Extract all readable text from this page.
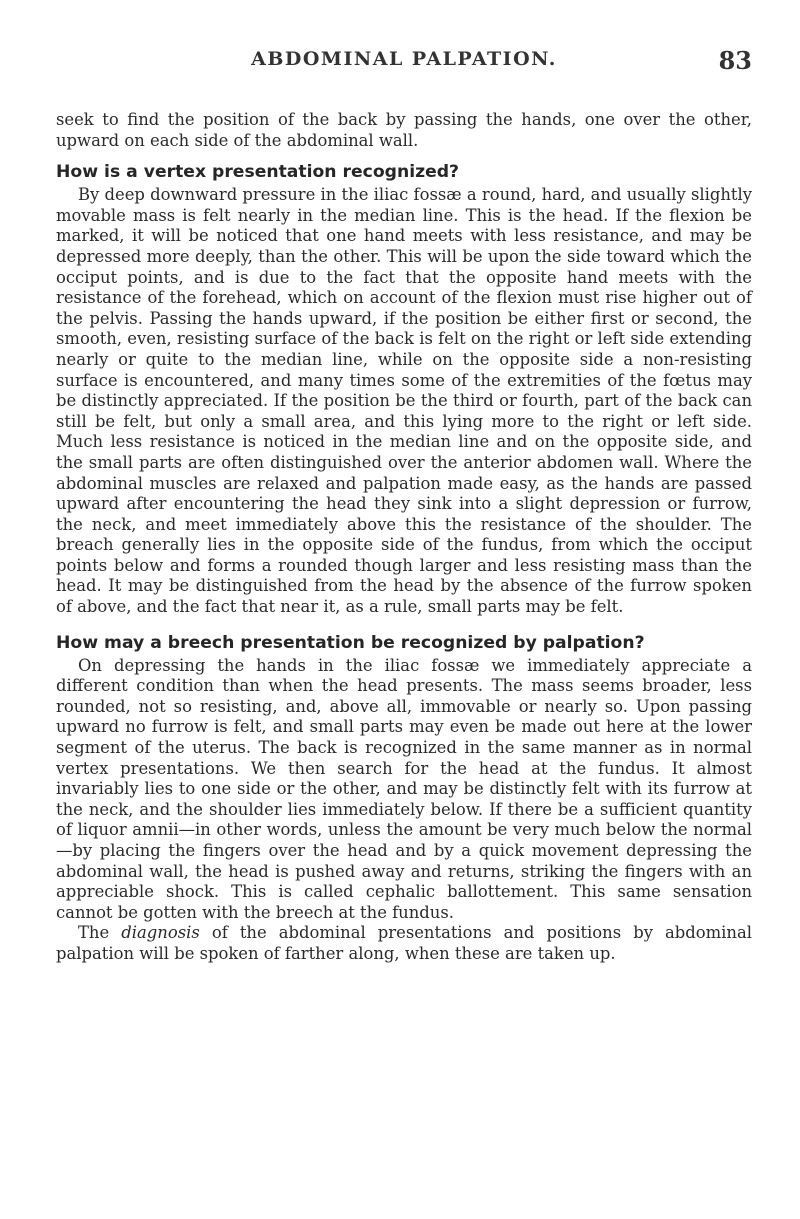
ABDOMINAL PALPATION.	83

seek to find the position of the back by passing the hands, one over the other, upward on each side of the abdominal wall.

How is a vertex presentation recognized?

By deep downward pressure in the iliac fossæ a round, hard, and usually slightly movable mass is felt nearly in the median line. This is the head. If the flexion be marked, it will be noticed that one hand meets with less resistance, and may be depressed more deeply, than the other. This will be upon the side toward which the occiput points, and is due to the fact that the opposite hand meets with the resistance of the forehead, which on account of the flexion must rise higher out of the pelvis. Passing the hands upward, if the position be either first or second, the smooth, even, resisting surface of the back is felt on the right or left side extending nearly or quite to the median line, while on the opposite side a non-resisting surface is encountered, and many times some of the extremities of the fœtus may be distinctly appreciated. If the position be the third or fourth, part of the back can still be felt, but only a small area, and this lying more to the right or left side. Much less resistance is noticed in the median line and on the opposite side, and the small parts are often distinguished over the anterior abdomen wall. Where the abdominal muscles are relaxed and palpation made easy, as the hands are passed upward after encountering the head they sink into a slight depression or furrow, the neck, and meet immediately above this the resistance of the shoulder. The breach generally lies in the opposite side of the fundus, from which the occiput points below and forms a rounded though larger and less resisting mass than the head. It may be distinguished from the head by the absence of the furrow spoken of above, and the fact that near it, as a rule, small parts may be felt.

How may a breech presentation be recognized by palpation?

On depressing the hands in the iliac fossæ we immediately appreciate a different condition than when the head presents. The mass seems broader, less rounded, not so resisting, and, above all, immovable or nearly so. Upon passing upward no furrow is felt, and small parts may even be made out here at the lower segment of the uterus. The back is recognized in the same manner as in normal vertex presentations. We then search for the head at the fundus. It almost invariably lies to one side or the other, and may be distinctly felt with its furrow at the neck, and the shoulder lies immediately below. If there be a sufficient quantity of liquor amnii—in other words, unless the amount be very much below the normal—by placing the fingers over the head and by a quick movement depressing the abdominal wall, the head is pushed away and returns, striking the fingers with an appreciable shock. This is called cephalic ballottement. This same sensation cannot be gotten with the breech at the fundus.

The diagnosis of the abdominal presentations and positions by abdominal palpation will be spoken of farther along, when these are taken up.
